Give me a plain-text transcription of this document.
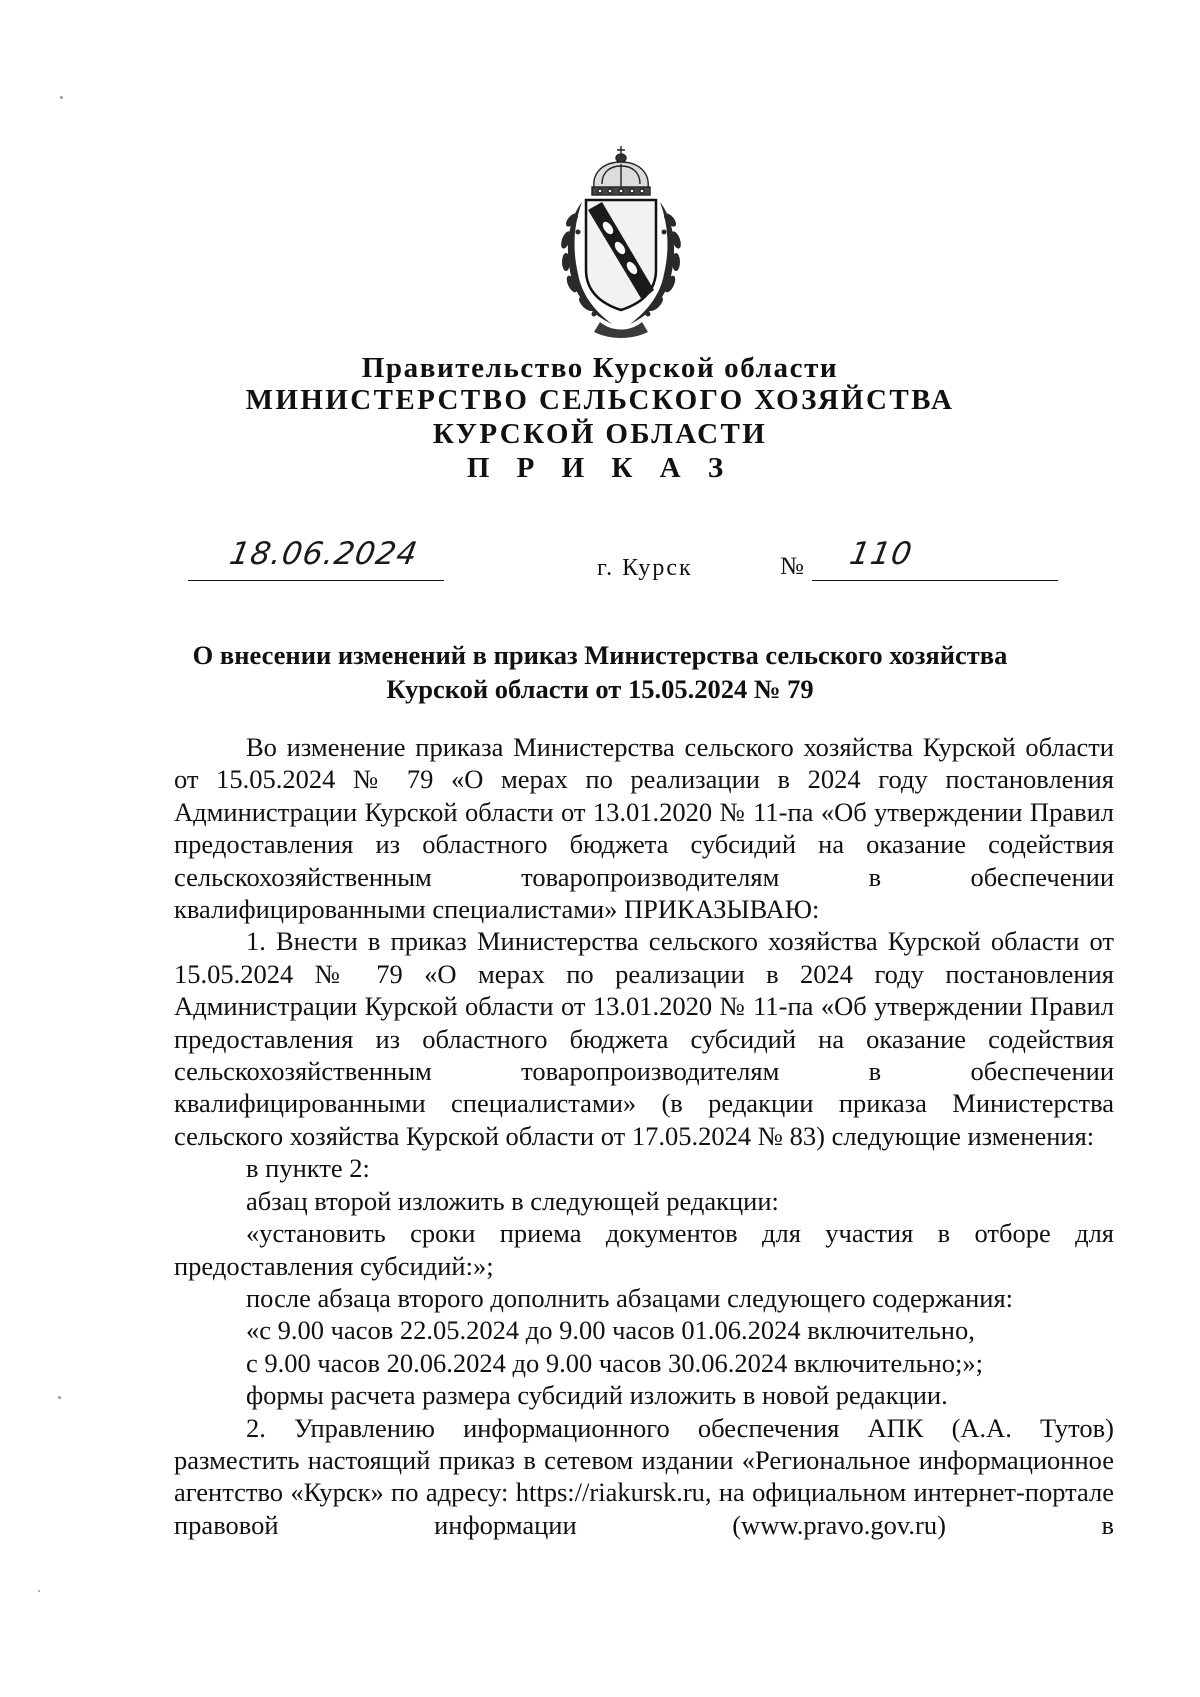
Правительство Курской области
МИНИСТЕРСТВО СЕЛЬСКОГО ХОЗЯЙСТВА
КУРСКОЙ ОБЛАСТИ
П Р И К А З
18.06.2024	г. Курск	№ 110
О внесении изменений в приказ Министерства сельского хозяйства
Курской области от 15.05.2024 № 79

Во изменение приказа Министерства сельского хозяйства Курской области от 15.05.2024 № 79 «О мерах по реализации в 2024 году постановления Администрации Курской области от 13.01.2020 № 11-па «Об утверждении Правил предоставления из областного бюджета субсидий на оказание содействия сельскохозяйственным товаропроизводителям в обеспечении квалифицированными специалистами» ПРИКАЗЫВАЮ:

1. Внести в приказ Министерства сельского хозяйства Курской области от 15.05.2024 № 79 «О мерах по реализации в 2024 году постановления Администрации Курской области от 13.01.2020 № 11-па «Об утверждении Правил предоставления из областного бюджета субсидий на оказание содействия сельскохозяйственным товаропроизводителям в обеспечении квалифицированными специалистами» (в редакции приказа Министерства сельского хозяйства Курской области от 17.05.2024 № 83) следующие изменения:

в пункте 2:

абзац второй изложить в следующей редакции:

«установить сроки приема документов для участия в отборе для предоставления субсидий:»;

после абзаца второго дополнить абзацами следующего содержания:

«с 9.00 часов 22.05.2024 до 9.00 часов 01.06.2024 включительно,

с 9.00 часов 20.06.2024 до 9.00 часов 30.06.2024 включительно;»;

формы расчета размера субсидий изложить в новой редакции.

2. Управлению информационного обеспечения АПК (А.А. Тутов) разместить настоящий приказ в сетевом издании «Региональное информационное агентство «Курск» по адресу: https://riakursk.ru, на официальном интернет-портале правовой информации (www.pravo.gov.ru) в
